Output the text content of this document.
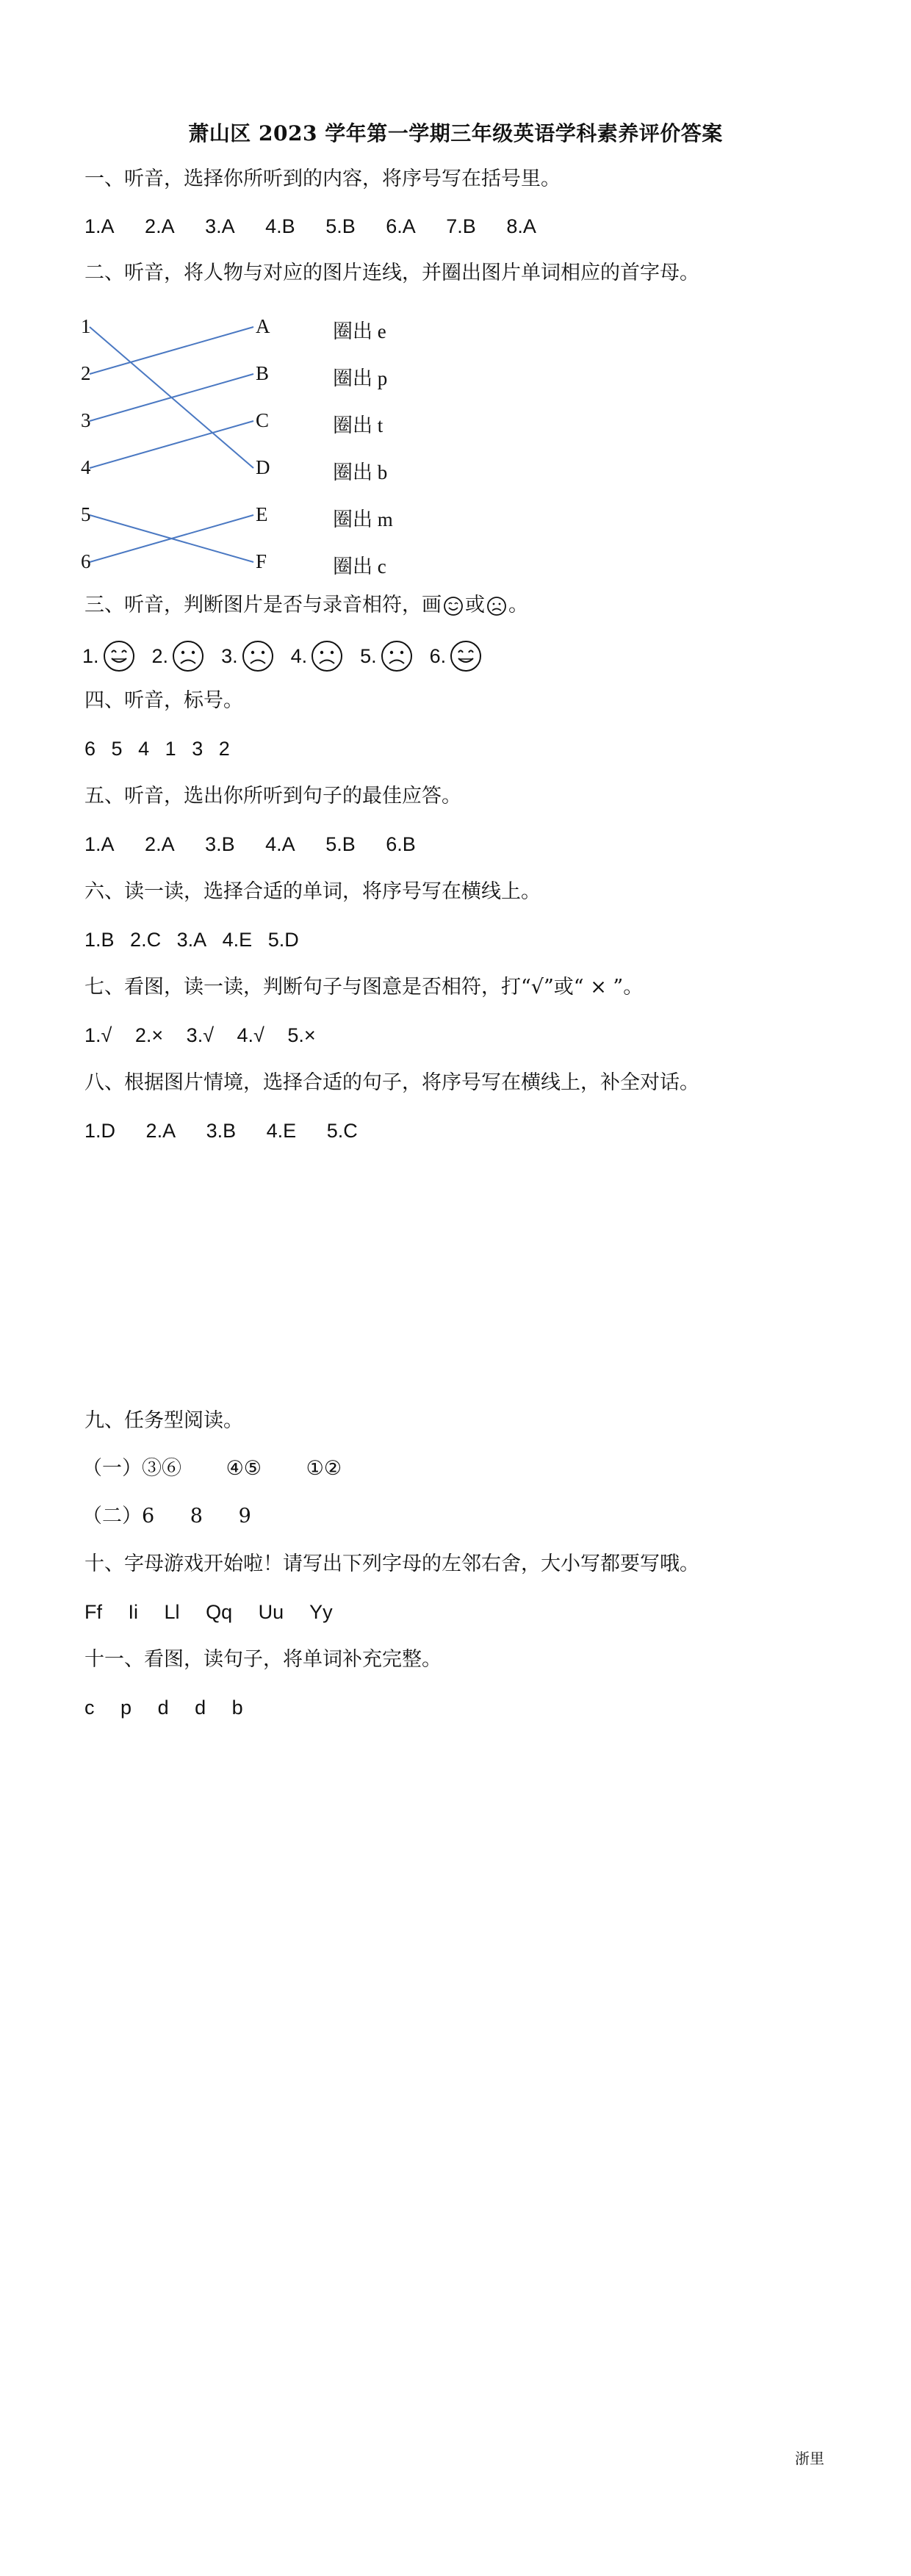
萧山区 2023 学年第一学期三年级英语学科素养评价答案
一、听音，选择你所听到的内容，将序号写在括号里。
1.A 2.A 3.A 4.B 5.B 6.A 7.B 8.A
二、听音，将人物与对应的图片连线，并圈出图片单词相应的首字母。
1
2
3
4
5
6
A
B
C
D
E
F
圈出 e
圈出 p
圈出 t
圈出 b
圈出 m
圈出 c
三、听音，判断图片是否与录音相符，画 或 。
1.	2.	3.	4.	5.	6.
四、听音，标号。
6 5 4 1 3 2
五、听音，选出你所听到句子的最佳应答。
1.A 2.A 3.B 4.A 5.B 6.B
六、读一读，选择合适的单词，将序号写在横线上。
1.B 2.C 3.A 4.E 5.D
七、看图，读一读，判断句子与图意是否相符，打“√”或“ × ”。
1.√ 2.× 3.√ 4.√ 5.×
八、根据图片情境，选择合适的句子，将序号写在横线上，补全对话。
1.D 2.A 3.B 4.E 5.C
九、任务型阅读。
（一）③⑥ ④⑤ ①②
（二）6 8 9
十、字母游戏开始啦！请写出下列字母的左邻右舍，大小写都要写哦。
Ff Ii Ll Qq Uu Yy
十一、看图，读句子，将单词补充完整。
c p d d b
浙里
